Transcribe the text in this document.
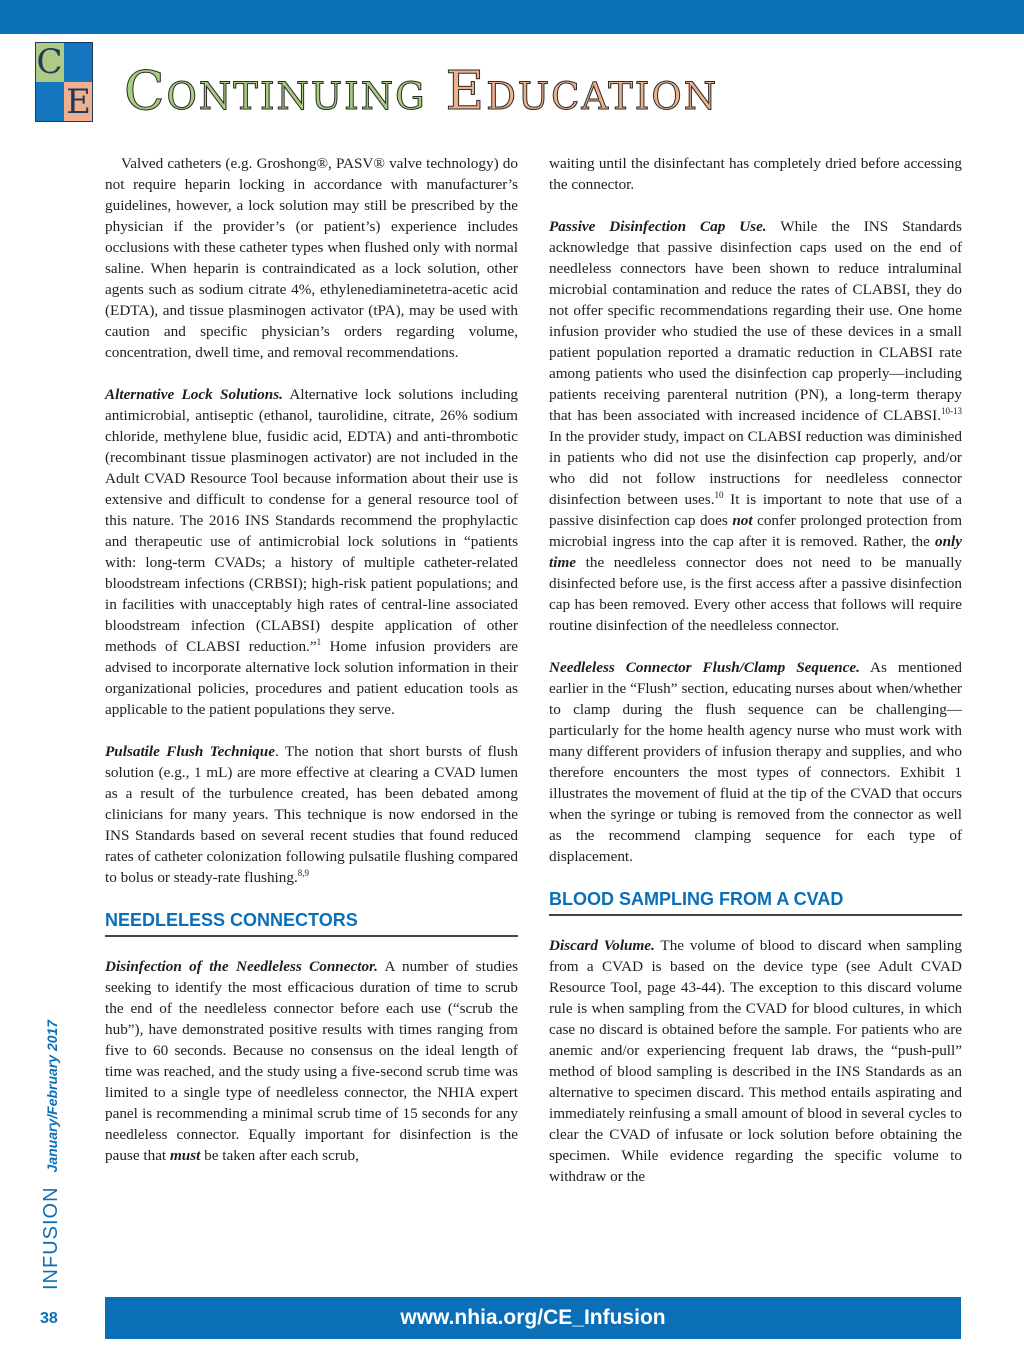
C
E Continuing Education

Valved catheters (e.g. Groshong®, PASV® valve technology) do not require heparin locking in accordance with manufacturer’s guidelines, however, a lock solution may still be prescribed by the physician if the provider’s (or patient’s) experience includes occlusions with these catheter types when flushed only with normal saline. When heparin is contraindicated as a lock solution, other agents such as sodium citrate 4%, ethylenediaminetetra-acetic acid (EDTA), and tissue plasminogen activator (tPA), may be used with caution and specific physician’s orders regarding volume, concentration, dwell time, and removal recommendations.

Alternative Lock Solutions. Alternative lock solutions including antimicrobial, antiseptic (ethanol, taurolidine, citrate, 26% sodium chloride, methylene blue, fusidic acid, EDTA) and anti-thrombotic (recombinant tissue plasminogen activator) are not included in the Adult CVAD Resource Tool because information about their use is extensive and difficult to condense for a general resource tool of this nature. The 2016 INS Standards recommend the prophylactic and therapeutic use of antimicrobial lock solutions in “patients with: long-term CVADs; a history of multiple catheter-related bloodstream infections (CRBSI); high-risk patient populations; and in facilities with unacceptably high rates of central-line associated bloodstream infection (CLABSI) despite application of other methods of CLABSI reduction.”$^1$ Home infusion providers are advised to incorporate alternative lock solution information in their organizational policies, procedures and patient education tools as applicable to the patient populations they serve.

Pulsatile Flush Technique. The notion that short bursts of flush solution (e.g., 1 mL) are more effective at clearing a CVAD lumen as a result of the turbulence created, has been debated among clinicians for many years. This technique is now endorsed in the INS Standards based on several recent studies that found reduced rates of catheter colonization following pulsatile flushing compared to bolus or steady-rate flushing.$^{8,9}$

NEEDLELESS CONNECTORS

Disinfection of the Needleless Connector. A number of studies seeking to identify the most efficacious duration of time to scrub the end of the needleless connector before each use (“scrub the hub”), have demonstrated positive results with times ranging from five to 60 seconds. Because no consensus on the ideal length of time was reached, and the study using a five-second scrub time was limited to a single type of needleless connector, the NHIA expert panel is recommending a minimal scrub time of 15 seconds for any needleless connector. Equally important for disinfection is the pause that must be taken after each scrub,

waiting until the disinfectant has completely dried before accessing the connector.

Passive Disinfection Cap Use. While the INS Standards acknowledge that passive disinfection caps used on the end of needleless connectors have been shown to reduce intraluminal microbial contamination and reduce the rates of CLABSI, they do not offer specific recommendations regarding their use. One home infusion provider who studied the use of these devices in a small patient population reported a dramatic reduction in CLABSI rate among patients who used the disinfection cap properly—including patients receiving parenteral nutrition (PN), a long-term therapy that has been associated with increased incidence of CLABSI.$^{10-13}$ In the provider study, impact on CLABSI reduction was diminished in patients who did not use the disinfection cap properly, and/or who did not follow instructions for needleless connector disinfection between uses.$^{10}$ It is important to note that use of a passive disinfection cap does not confer prolonged protection from microbial ingress into the cap after it is removed. Rather, the only time the needleless connector does not need to be manually disinfected before use, is the first access after a passive disinfection cap has been removed. Every other access that follows will require routine disinfection of the needleless connector.

Needleless Connector Flush/Clamp Sequence. As mentioned earlier in the “Flush” section, educating nurses about when/whether to clamp during the flush sequence can be challenging—particularly for the home health agency nurse who must work with many different providers of infusion therapy and supplies, and who therefore encounters the most types of connectors. Exhibit 1 illustrates the movement of fluid at the tip of the CVAD that occurs when the syringe or tubing is removed from the connector as well as the recommend clamping sequence for each type of displacement.

BLOOD SAMPLING FROM A CVAD

Discard Volume. The volume of blood to discard when sampling from a CVAD is based on the device type (see Adult CVAD Resource Tool, page 43-44). The exception to this discard volume rule is when sampling from the CVAD for blood cultures, in which case no discard is obtained before the sample. For patients who are anemic and/or experiencing frequent lab draws, the “push-pull” method of blood sampling is described in the INS Standards as an alternative to specimen discard. This method entails aspirating and immediately reinfusing a small amount of blood in several cycles to clear the CVAD of infusate or lock solution before obtaining the specimen. While evidence regarding the specific volume to withdraw or the

INFUSIONJanuary/February 2017
38	www.nhia.org/CE_Infusion
